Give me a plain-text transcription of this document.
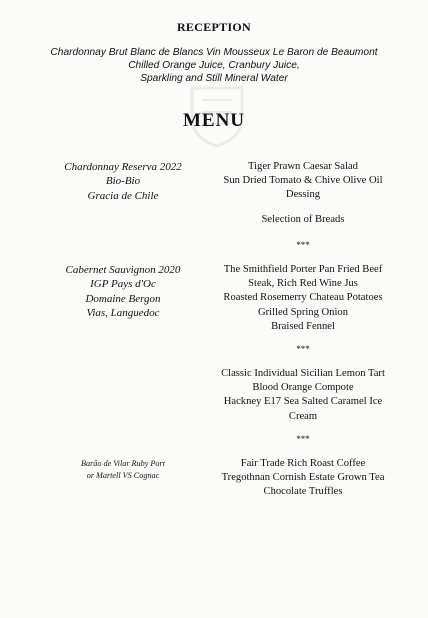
RECEPTION
Chardonnay Brut Blanc de Blancs Vin Mousseux Le Baron de Beaumont
Chilled Orange Juice, Cranbury Juice,
Sparkling and Still Mineral Water
MENU
Chardonnay Reserva 2022
Bio-Bio
Gracia de Chile
Tiger Prawn Caesar Salad
Sun Dried Tomato & Chive Olive Oil
Dessing
Selection of Breads
***
Cabernet Sauvignon 2020
IGP Pays d'Oc
Domaine Bergon
Vias, Languedoc
The Smithfield Porter Pan Fried Beef
Steak, Rich Red Wine Jus
Roasted Rosemerry Chateau Potatoes
Grilled Spring Onion
Braised Fennel
***
Classic Individual Sicilian Lemon Tart
Blood Orange Compote
Hackney E17 Sea Salted Caramel Ice
Cream
***
Barão de Vilar Ruby Port
or Martell VS Cognac
Fair Trade Rich Roast Coffee
Tregothnan Cornish Estate Grown Tea
Chocolate Truffles
